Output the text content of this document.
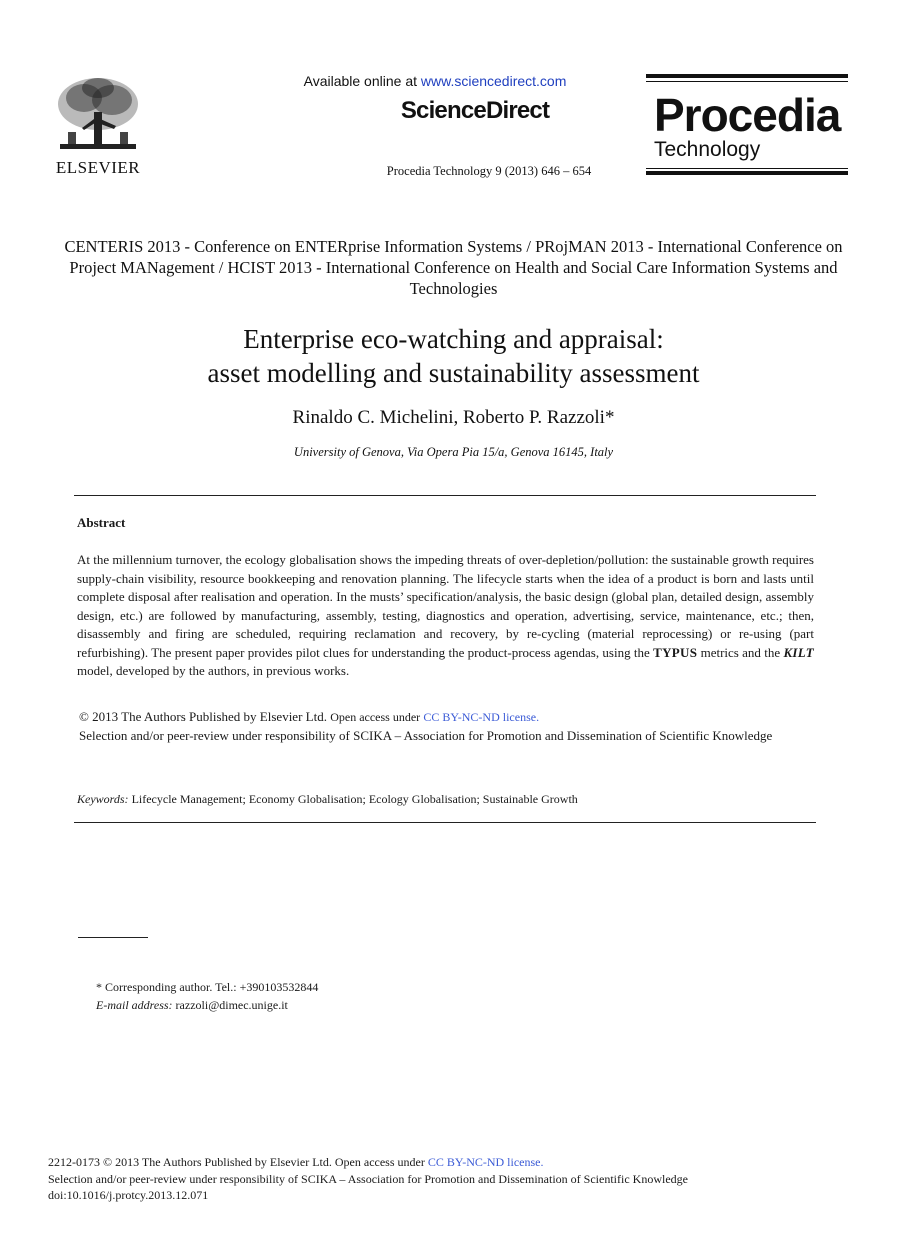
ELSEVIER
Available online at www.sciencedirect.com
ScienceDirect
Procedia Technology 9 (2013) 646 – 654
Procedia
Technology
CENTERIS 2013 - Conference on ENTERprise Information Systems / PRojMAN 2013 - International Conference on Project MANagement / HCIST 2013 - International Conference on Health and Social Care Information Systems and Technologies
Enterprise eco-watching and appraisal:
asset modelling and sustainability assessment
Rinaldo C. Michelini, Roberto P. Razzoli*
University of Genova, Via Opera Pia 15/a, Genova 16145, Italy
Abstract
At the millennium turnover, the ecology globalisation shows the impeding threats of over-depletion/pollution: the sustainable growth requires supply-chain visibility, resource bookkeeping and renovation planning. The lifecycle starts when the idea of a product is born and lasts until complete disposal after realisation and operation. In the musts’ specification/analysis, the basic design (global plan, detailed design, assembly design, etc.) are followed by manufacturing, assembly, testing, diagnostics and operation, advertising, service, maintenance, etc.; then, disassembly and firing are scheduled, requiring reclamation and recovery, by re-cycling (material reprocessing) or re-using (part refurbishing). The present paper provides pilot clues for understanding the product-process agendas, using the TYPUS metrics and the KILT model, developed by the authors, in previous works.
© 2013 The Authors Published by Elsevier Ltd. Open access under CC BY-NC-ND license.
Selection and/or peer-review under responsibility of SCIKA – Association for Promotion and Dissemination of Scientific Knowledge
Keywords: Lifecycle Management; Economy Globalisation; Ecology Globalisation; Sustainable Growth
* Corresponding author. Tel.: +390103532844
E-mail address: razzoli@dimec.unige.it
2212-0173 © 2013 The Authors Published by Elsevier Ltd. Open access under CC BY-NC-ND license.
Selection and/or peer-review under responsibility of SCIKA – Association for Promotion and Dissemination of Scientific Knowledge
doi:10.1016/j.protcy.2013.12.071
